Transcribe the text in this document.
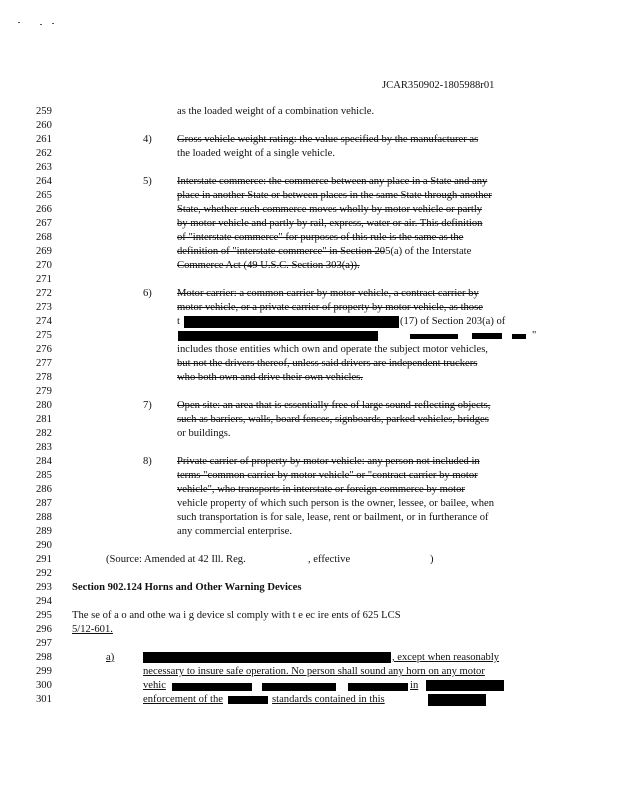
JCAR350902-1805988r01
259
260
261
262
263
264
265
266
267
268
269
270
271
272
273
274
275
276
277
278
279
280
281
282
283
284
285
286
287
288
289
290
291
292
293
294
295
296
297
298
299
300
301
as the loaded weight of a combination vehicle.
4) Gross vehicle weight rating: the value specified by the manufacturer as
the loaded weight of a single vehicle.
5) Interstate commerce: the commerce between any place in a State and any
place in another State or between places in the same State through another
State, whether such commerce moves wholly by motor vehicle or partly
by motor vehicle and partly by rail, express, water or air. This definition
of "interstate commerce" for purposes of this rule is the same as the
definition of "interstate commerce" in Section 205(a) of the Interstate
Commerce Act (49 U.S.C. Section 303(a)).
6) Motor carrier: a common carrier by motor vehicle, a contract carrier by
motor vehicle, or a private carrier of property by motor vehicle, as those
t	(17) of Section 203(a) of
"
includes those entities which own and operate the subject motor vehicles,
but not the drivers thereof, unless said drivers are independent truckers
who both own and drive their own vehicles.
7) Open site: an area that is essentially free of large sound-reflecting objects,
such as barriers, walls, board fences, signboards, parked vehicles, bridges
or buildings.
8) Private carrier of property by motor vehicle: any person not included in
terms "common carrier by motor vehicle" or "contract carrier by motor
vehicle", who transports in interstate or foreign commerce by motor
vehicle property of which such person is the owner, lessee, or bailee, when
such transportation is for sale, lease, rent or bailment, or in furtherance of
any commercial enterprise.
(Source: Amended at 42 Ill. Reg.	, effective	)
Section 902.124 Horns and Other Warning Devices
The se of a o and othe wa i g device sl comply with t e ec ire ents of 625 LCS
5/12-601.
a)	, except when reasonably
necessary to insure safe operation. No person shall sound any horn on any motor
vehic	in
enforcement of the	standards contained in this
